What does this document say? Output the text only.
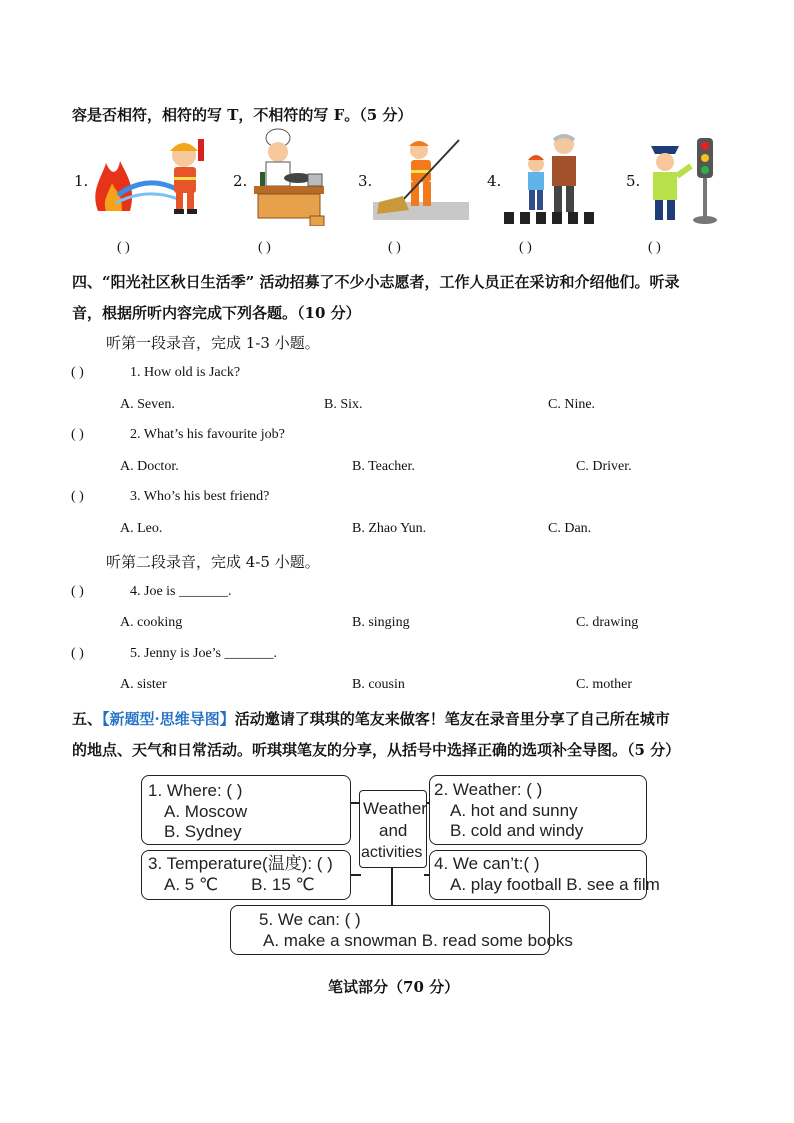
容是否相符，相符的写 T，不相符的写 F。（5 分）
1.
( )
2.
( )
3.
( )
4.
( )
5.
( )
四、“阳光社区秋日生活季” 活动招募了不少小志愿者，工作人员正在采访和介绍他们。听录
音，根据所听内容完成下列各题。（10 分）
听第一段录音，完成 1-3 小题。
( )	1. How old is Jack?
A. Seven.	B. Six.	C. Nine.
( )	2. What’s his favourite job?
A. Doctor.	B. Teacher.	C. Driver.
( )	3. Who’s his best friend?
A. Leo.	B. Zhao Yun.	C. Dan.
听第二段录音，完成 4-5 小题。
( )	4. Joe is _______.
A. cooking	B. singing	C. drawing
( )	5. Jenny is Joe’s _______.
A. sister	B. cousin	C. mother
五、【新题型·思维导图】活动邀请了琪琪的笔友来做客！笔友在录音里分享了自己所在城市
的地点、天气和日常活动。听琪琪笔友的分享，从括号中选择正确的选项补全导图。（5 分）
Weather
and
activities
1. Where: ( )
A. Moscow
B. Sydney
2. Weather: ( )
A. hot and sunny
B. cold and windy
3. Temperature(温度): ( )
A. 5 ℃       B. 15 ℃
4. We can’t:( )
A. play football B. see a film
5. We can: ( )
A. make a snowman B. read some books
笔试部分（70 分）
